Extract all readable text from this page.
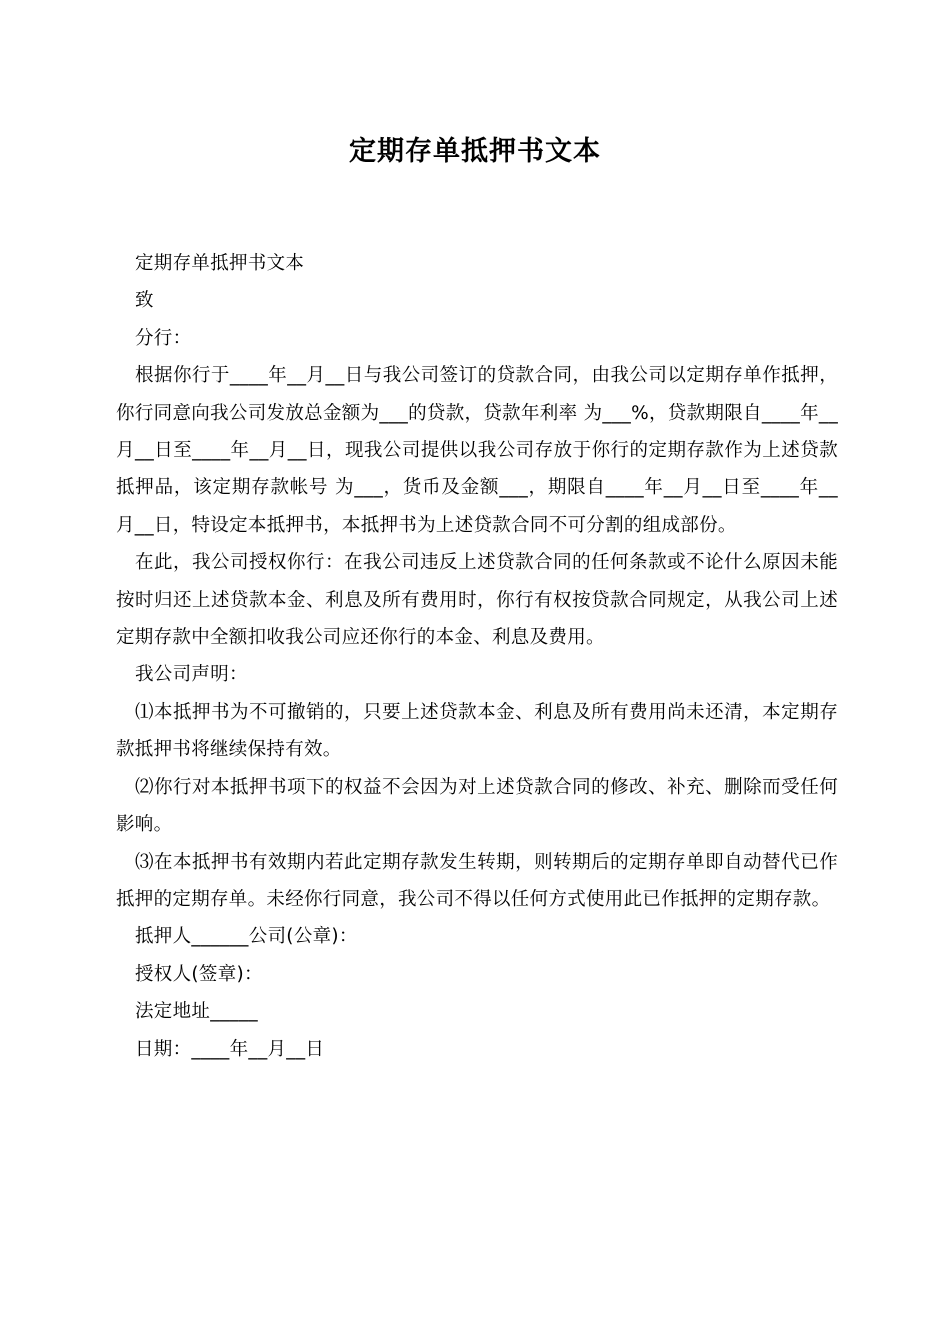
定期存单抵押书文本

定期存单抵押书文本

致

分行：

根据你行于____年__月__日与我公司签订的贷款合同，由我公司以定期存单作抵押，你行同意向我公司发放总金额为___的贷款，贷款年利率 为___%，贷款期限自____年__月__日至____年__月__日，现我公司提供以我公司存放于你行的定期存款作为上述贷款抵押品，该定期存款帐号 为___，货币及金额___，期限自____年__月__日至____年__月__日，特设定本抵押书，本抵押书为上述贷款合同不可分割的组成部份。

在此，我公司授权你行：在我公司违反上述贷款合同的任何条款或不论什么原因未能按时归还上述贷款本金、利息及所有费用时，你行有权按贷款合同规定，从我公司上述定期存款中全额扣收我公司应还你行的本金、利息及费用。

我公司声明：

⑴本抵押书为不可撤销的，只要上述贷款本金、利息及所有费用尚未还清，本定期存款抵押书将继续保持有效。

⑵你行对本抵押书项下的权益不会因为对上述贷款合同的修改、补充、删除而受任何影响。

⑶在本抵押书有效期内若此定期存款发生转期，则转期后的定期存单即自动替代已作抵押的定期存单。未经你行同意，我公司不得以任何方式使用此已作抵押的定期存款。

抵押人______公司(公章)：

授权人(签章)：

法定地址_____

日期：____年__月__日
